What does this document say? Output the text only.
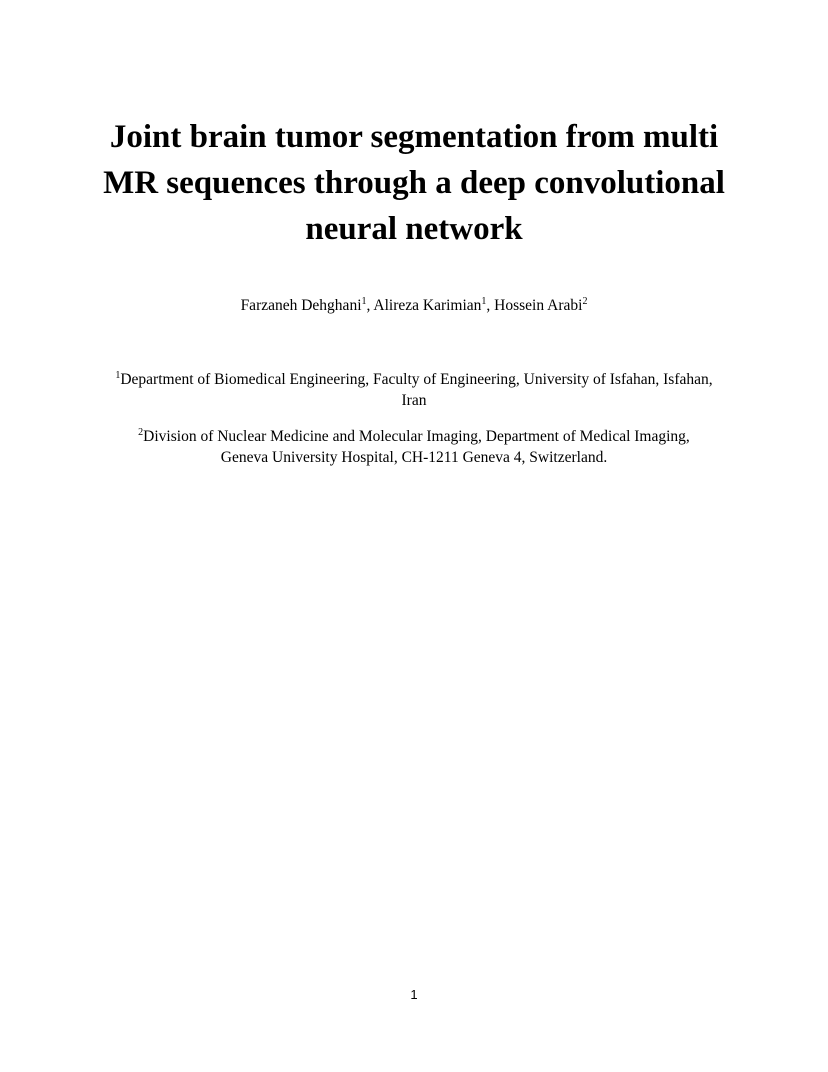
Joint brain tumor segmentation from multi
MR sequences through a deep convolutional
neural network
Farzaneh Dehghani$^1$, Alireza Karimian$^1$, Hossein Arabi$^2$
$^1$Department of Biomedical Engineering, Faculty of Engineering, University of Isfahan, Isfahan,
Iran
$^2$Division of Nuclear Medicine and Molecular Imaging, Department of Medical Imaging,
Geneva University Hospital, CH-1211 Geneva 4, Switzerland.
1
